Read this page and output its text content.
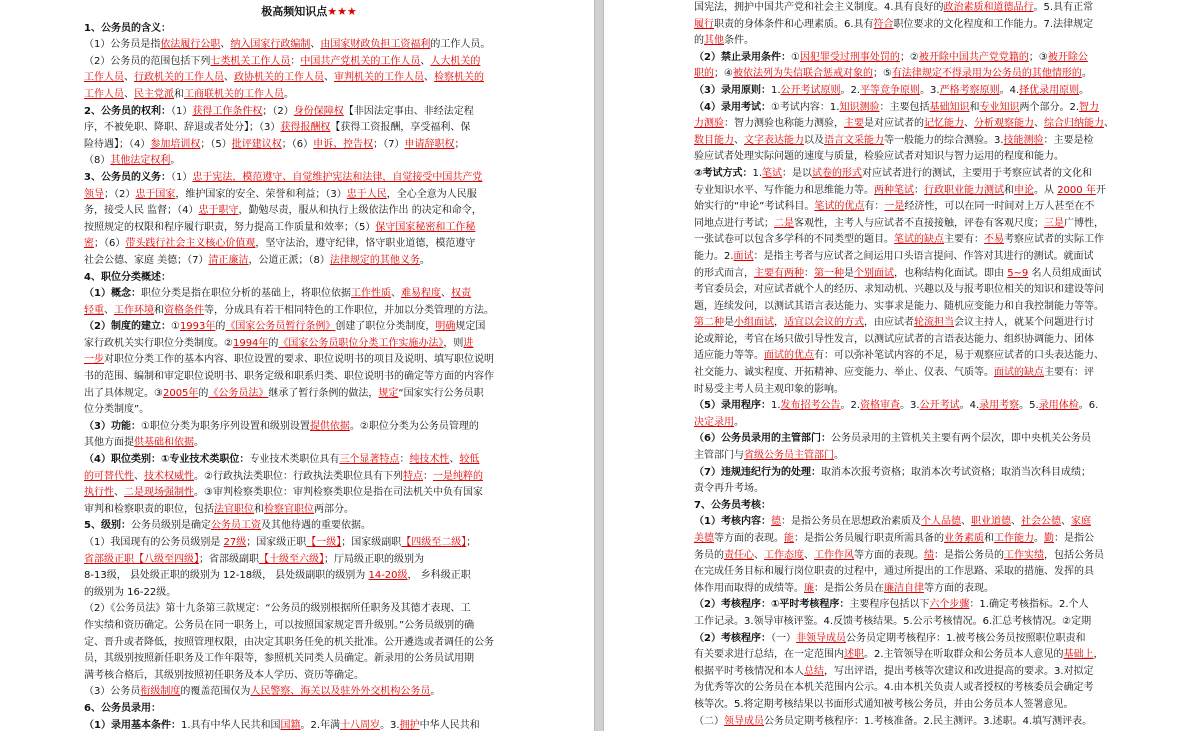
极高频知识点★★★
1、公务员的含义：
（1）公务员是指依法履行公职、纳入国家行政编制、由国家财政负担工资福利的工作人员。
（2）公务员的范围包括下列七类机关工作人员：中国共产党机关的工作人员、人大机关的
工作人员、行政机关的工作人员、政协机关的工作人员、审判机关的工作人员、检察机关的
工作人员、民主党派和工商联机关的工作人员。
2、公务员的权利：（1）获得工作条件权；（2）身份保障权【非因法定事由、非经法定程
序，不被免职、降职、辞退或者处分】；（3）获得报酬权【获得工资报酬，享受福利、保
险待遇】；（4）参加培训权；（5）批评建议权；（6）申诉、控告权；（7）申请辞职权；
（8）其他法定权利。
3、公务员的义务：（1）忠于宪法，模范遵守、自觉维护宪法和法律，自觉接受中国共产党
领导；（2）忠于国家，维护国家的安全、荣誉和利益；（3）忠于人民，全心全意为人民服
务，接受人民 监督；（4）忠于职守，勤勉尽责，服从和执行上级依法作出 的决定和命令，
按照规定的权限和程序履行职责，努力提高工作质量和效率；（5）保守国家秘密和工作秘
密；（6）带头践行社会主义核心价值观，坚守法治，遵守纪律，恪守职业道德，模范遵守
社会公德、家庭 美德；（7）清正廉洁，公道正派；（8）法律规定的其他义务。
4、职位分类概述：
（1）概念：职位分类是指在职位分析的基础上，将职位依据工作性质、难易程度、权责
轻重、工作环境和资格条件等，分成具有若干相同特色的工作职位，并加以分类管理的方法。
（2）制度的建立：①1993年的《国家公务员暂行条例》创建了职位分类制度，明确规定国
家行政机关实行职位分类制度。②1994年的《国家公务员职位分类工作实施办法》，则进
一步对职位分类工作的基本内容、职位设置的要求、职位说明书的项目及说明、填写职位说明
书的范围、编制和审定职位说明书、职务定级和职系归类、职位说明书的确定等方面的内容作
出了具体规定。③2005年的《公务员法》继承了暂行条例的做法，规定“国家实行公务员职
位分类制度”。
（3）功能：①职位分类为职务序列设置和级别设置提供依据。②职位分类为公务员管理的
其他方面提供基础和依据。
（4）职位类别：①专业技术类职位：专业技术类职位具有三个显著特点：纯技术性、较低
的可替代性、技术权威性。②行政执法类职位：行政执法类职位具有下列特点：一是纯粹的
执行性、二是现场强制性。③审判检察类职位：审判检察类职位是指在司法机关中负有国家
审判和检察职责的职位，包括法官职位和检察官职位两部分。
5、级别：公务员级别是确定公务员工资及其他待遇的重要依据。
（1）我国现有的公务员级别是 27级；国家级正职【一级】；国家级副职【四级至二级】；
省部级正职【八级至四级】；省部级副职【十级至六级】；厅局级正职的级别为
8-13级， 县处级正职的级别为 12-18级， 县处级副职的级别为 14-20级， 乡科级正职
的级别为 16-22级。
（2）《公务员法》第十九条第三款规定：“公务员的级别根据所任职务及其德才表现、工
作实绩和资历确定。公务员在同一职务上，可以按照国家规定晋升级别。”公务员级别的确
定、晋升或者降低，按照管理权限，由决定其职务任免的机关批准。公开遴选或者调任的公务
员，其级别按照新任职务及工作年限等，参照机关同类人员确定。新录用的公务员试用期
满考核合格后，其级别按照初任职务及本人学历、资历等确定。
（3）公务员衔级制度的覆盖范围仅为人民警察、海关以及驻外外交机构公务员。
6、公务员录用：
（1）录用基本条件：1.具有中华人民共和国国籍。2.年满十八周岁。3.拥护中华人民共和
国宪法，拥护中国共产党和社会主义制度。4.具有良好的政治素质和道德品行。5.具有正常
履行职责的身体条件和心理素质。6.具有符合职位要求的文化程度和工作能力。7.法律规定
的其他条件。
（2）禁止录用条件：①因犯罪受过刑事处罚的；②被开除中国共产党党籍的；③被开除公
职的；④被依法列为失信联合惩戒对象的；⑤有法律规定不得录用为公务员的其他情形的。
（3）录用原则：1.公开考试原则。2.平等竞争原则。3.严格考察原则。4.择优录用原则。
（4）录用考试：①考试内容：1.知识测验：主要包括基础知识和专业知识两个部分。2.智力
力测验：智力测验也称能力测验，主要是对应试者的记忆能力、分析观察能力、综合归纳能力、
数目能力、文字表达能力以及语言文采能力等一般能力的综合测验。3.技能测验：主要是检
验应试者处理实际问题的速度与质量，检验应试者对知识与智力运用的程度和能力。
②考试方式：1.笔试：是以试卷的形式对应试者进行的测试，主要用于考察应试者的文化和
专业知识水平、写作能力和思维能力等。两种笔试：行政职业能力测试和申论。从 2000 年开
始实行的“申论”考试科目。笔试的优点有：一是经济性，可以在同一时间对上万人甚至在不
同地点进行考试；二是客观性，主考人与应试者不直接接触，评卷有客观尺度；三是广博性，
一张试卷可以包含多学科的不同类型的题目。笔试的缺点主要有：不易考察应试者的实际工作
能力。2.面试：是指主考者与应试者之间运用口头语言提问、作答对其进行的测试。就面试
的形式而言，主要有两种：第一种是个别面试，也称结构化面试。即由 5~9 名人员组成面试
考官委员会，对应试者就个人的经历、求知动机、兴趣以及与报考职位相关的知识和建设等问
题，连续发问，以测试其语言表达能力、实事求是能力、随机应变能力和自我控制能力等等。
第二种是小组面试，适宜以会议的方式，由应试者轮流担当会议主持人，就某个问题进行讨
论或辩论，考官在场只做引导性发言，以测试应试者的言语表达能力、组织协调能力、团体
适应能力等等。面试的优点有：可以弥补笔试内容的不足，易于观察应试者的口头表达能力、
社交能力、诚实程度、开拓精神、应变能力、举止、仪表、气质等。面试的缺点主要有：评
时易受主考人员主观印象的影响。
（5）录用程序：1.发布招考公告。2.资格审查。3.公开考试。4.录用考察。5.录用体检。6.
决定录用。
（6）公务员录用的主管部门：公务员录用的主管机关主要有两个层次，即中央机关公务员
主管部门与省级公务员主管部门。
（7）违规违纪行为的处理：取消本次报考资格；取消本次考试资格；取消当次科目成绩；
责令再升考场。
7、公务员考核：
（1）考核内容：德：是指公务员在思想政治素质及个人品德、职业道德、社会公德、家庭
美德等方面的表现。能：是指公务员履行职责所需具备的业务素质和工作能力。勤：是指公
务员的责任心、工作态度、工作作风等方面的表现。绩：是指公务员的工作实绩，包括公务员
在完成任务目标和履行岗位职责的过程中，通过所提出的工作思路、采取的措施、发挥的具
体作用而取得的成绩等。廉：是指公务员在廉洁自律等方面的表现。
（2）考核程序：①平时考核程序：主要程序包括以下六个步骤：1.确定考核指标。2.个人
工作记录。3.领导审核评鉴。4.反馈考核结果。5.公示考核情况。6.汇总考核情况。②定期
（2）考核程序：（一）非领导成员公务员定期考核程序：1.被考核公务员按照职位职责和
有关要求进行总结，在一定范围内述职。2.主管领导在听取群众和公务员本人意见的基础上，
根据平时考核情况和本人总结，写出评语，提出考核等次建议和改进提高的要求。3.对拟定
为优秀等次的公务员在本机关范围内公示。4.由本机关负责人或者授权的考核委员会确定考
核等次。5.将定期考核结果以书面形式通知被考核公务员，并由公务员本人签署意见。
（二）领导成员公务员定期考核程序：1.考核准备。2.民主测评。3.述职。4.填写测评表。
